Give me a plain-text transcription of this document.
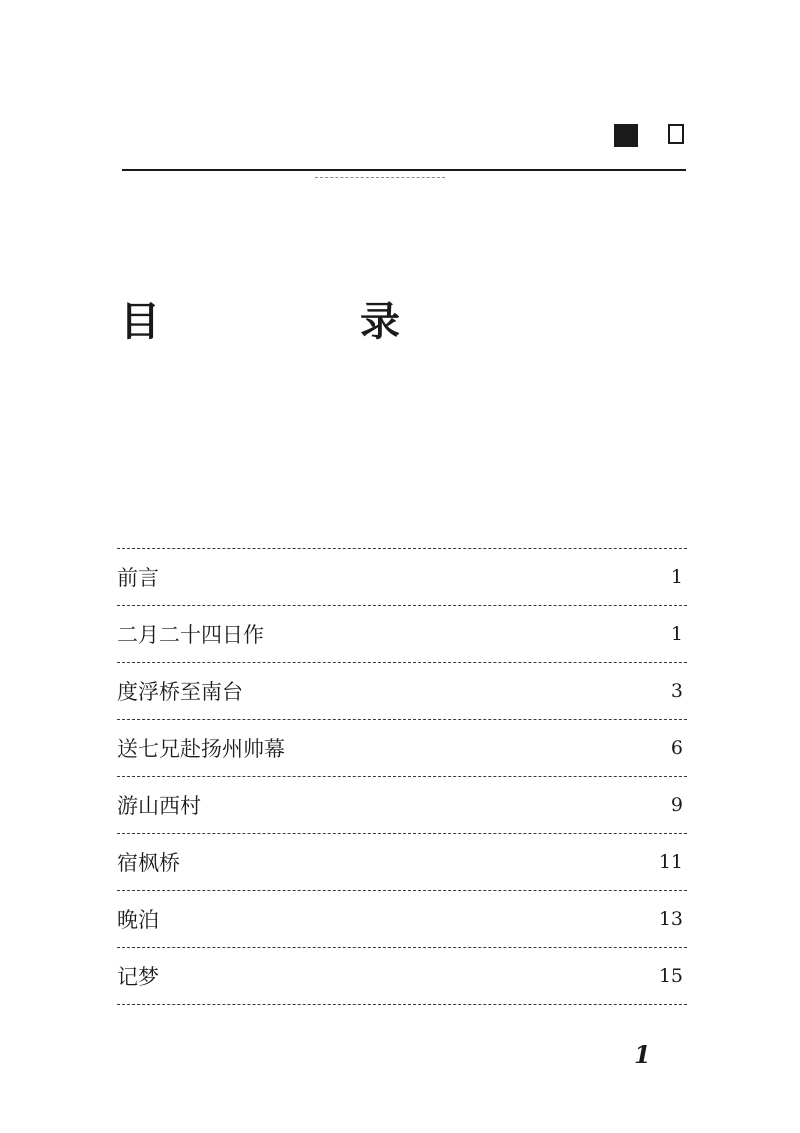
目　录
前言	1
二月二十四日作	1
度浮桥至南台	3
送七兄赴扬州帅幕	6
游山西村	9
宿枫桥	11
晚泊	13
记梦	15
1
